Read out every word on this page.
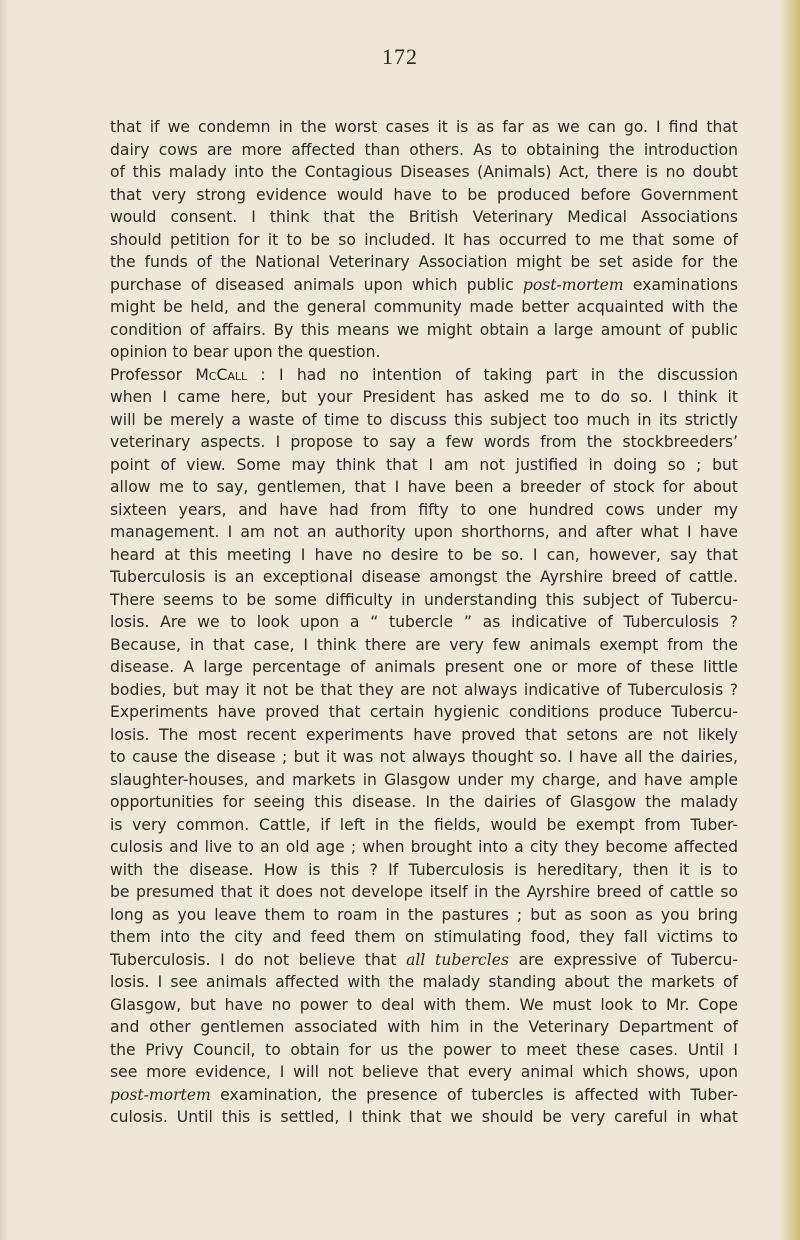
172
that if we condemn in the worst cases it is as far as we can go. I find that
dairy cows are more affected than others. As to obtaining the introduction
of this malady into the Contagious Diseases (Animals) Act, there is no doubt
that very strong evidence would have to be produced before Government
would consent. I think that the British Veterinary Medical Associations
should petition for it to be so included. It has occurred to me that some of
the funds of the National Veterinary Association might be set aside for the
purchase of diseased animals upon which public post-mortem examinations
might be held, and the general community made better acquainted with the
condition of affairs. By this means we might obtain a large amount of public
opinion to bear upon the question.
Professor McCall : I had no intention of taking part in the discussion
when I came here, but your President has asked me to do so. I think it
will be merely a waste of time to discuss this subject too much in its strictly
veterinary aspects. I propose to say a few words from the stockbreeders’
point of view. Some may think that I am not justified in doing so ; but
allow me to say, gentlemen, that I have been a breeder of stock for about
sixteen years, and have had from fifty to one hundred cows under my
management. I am not an authority upon shorthorns, and after what I have
heard at this meeting I have no desire to be so. I can, however, say that
Tuberculosis is an exceptional disease amongst the Ayrshire breed of cattle.
There seems to be some difficulty in understanding this subject of Tubercu-
losis. Are we to look upon a “ tubercle ” as indicative of Tuberculosis ?
Because, in that case, I think there are very few animals exempt from the
disease. A large percentage of animals present one or more of these little
bodies, but may it not be that they are not always indicative of Tuberculosis ?
Experiments have proved that certain hygienic conditions produce Tubercu-
losis. The most recent experiments have proved that setons are not likely
to cause the disease ; but it was not always thought so. I have all the dairies,
slaughter-houses, and markets in Glasgow under my charge, and have ample
opportunities for seeing this disease. In the dairies of Glasgow the malady
is very common. Cattle, if left in the fields, would be exempt from Tuber-
culosis and live to an old age ; when brought into a city they become affected
with the disease. How is this ? If Tuberculosis is hereditary, then it is to
be presumed that it does not develope itself in the Ayrshire breed of cattle so
long as you leave them to roam in the pastures ; but as soon as you bring
them into the city and feed them on stimulating food, they fall victims to
Tuberculosis. I do not believe that all tubercles are expressive of Tubercu-
losis. I see animals affected with the malady standing about the markets of
Glasgow, but have no power to deal with them. We must look to Mr. Cope
and other gentlemen associated with him in the Veterinary Department of
the Privy Council, to obtain for us the power to meet these cases. Until I
see more evidence, I will not believe that every animal which shows, upon
post-mortem examination, the presence of tubercles is affected with Tuber-
culosis. Until this is settled, I think that we should be very careful in what
